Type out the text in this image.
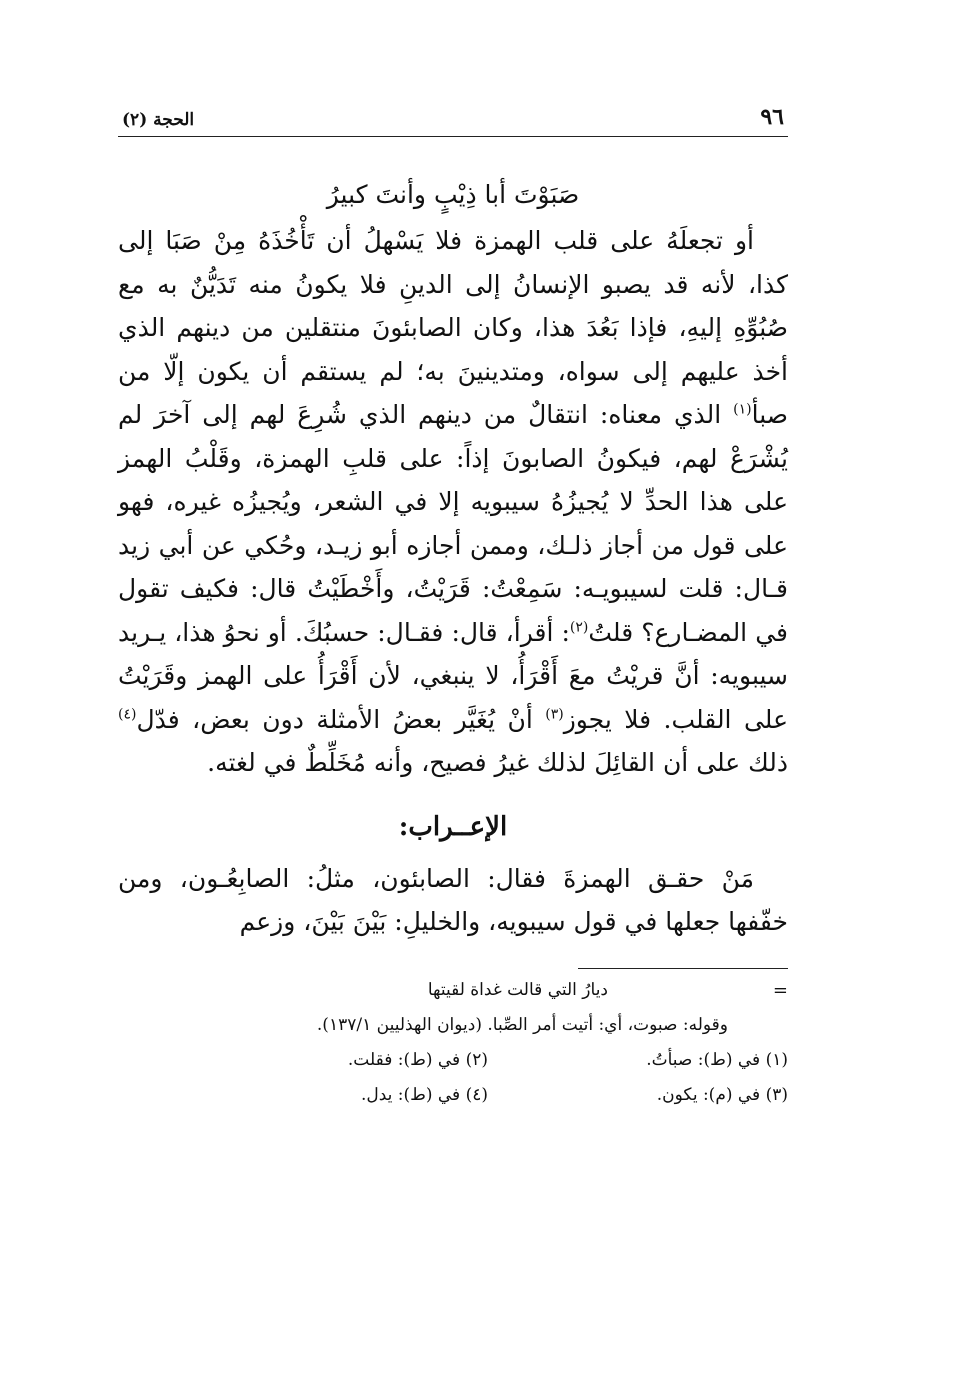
٩٦
الحجة (٢)
صَبَوْتَ أبا ذِيْبٍ وأنتَ كبيرُ

أو تجعلَهُ على قلب الهمزة فلا يَسْهلُ أن تَأْخُذَهُ مِنْ صَبَا إلى كذا، لأنه قد يصبو الإنسانُ إلى الدينِ فلا يكونُ منه تَدَيُّنٌ به مع صُبُوِّهِ إليهِ، فإذا بَعُدَ هذا، وكان الصابئونَ منتقلين من دينهم الذي أخذ عليهم إلى سواه، ومتدينينَ به؛ لم يستقم أن يكون إلّا من صبأ$^{(١)}$ الذي معناه: انتقالٌ من دينهم الذي شُرِعَ لهم إلى آخرَ لم يُشْرَعْ لهم، فيكونُ الصابونَ إذاً: على قلبِ الهمزة، وقَلْبُ الهمز على هذا الحدِّ لا يُجيزُهُ سيبويه إلا في الشعر، ويُجيزُه غيره، فهو على قول من أجاز ذلـك، وممن أجازه أبو زيـد، وحُكي عن أبي زيد قـال: قلت لسيبويـه: سَمِعْتُ: قَرَيْتُ، وأَخْطَيْتُ قال: فكيف تقول في المضـارع؟ قلتُ$^{(٢)}$: أقرأ، قال: فقـال: حسبُكَ. أو نحوُ هذا، يـريد سيبويه: أنَّ قريْتُ معَ أَقْرَأُ، لا ينبغي، لأن أَقْرَأُ على الهمز وقَرَيْتُ على القلب. فلا يجوز$^{(٣)}$ أنْ يُغَيَّر بعضُ الأمثلة دون بعض، فدّل$^{(٤)}$ ذلك على أن القائِلَ لذلك غيرُ فصيح، وأنه مُخَلِّطٌ في لغته.

الإعــراب:

مَنْ حقـق الهمزةَ فقال: الصابئون، مثلُ: الصابِعُـون، ومن خفّفها جعلها في قول سيبويه، والخليلِ: بَيْنَ بَيْنَ، وزعم

=
ديارُ التي قالت غداة لقيتها
وقوله: صبوت، أي: أتيت أمر الصِّبا. (ديوان الهذليين ١٣٧/١).
(١) في (ط): صبأتُ.
(٢) في (ط): فقلت.
(٣) في (م): يكون.
(٤) في (ط): يدل.
